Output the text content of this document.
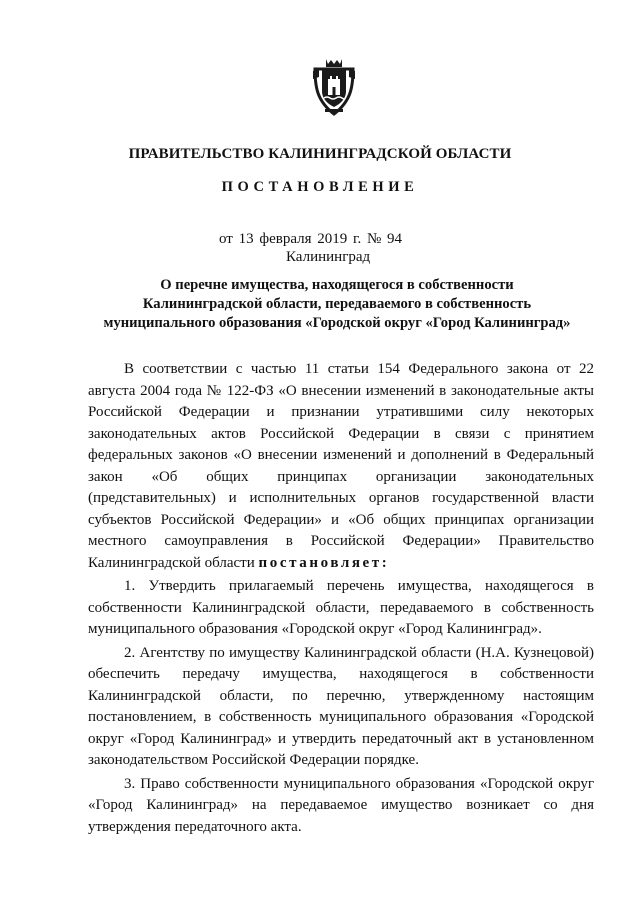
ПРАВИТЕЛЬСТВО КАЛИНИНГРАДСКОЙ ОБЛАСТИ
ПОСТАНОВЛЕНИЕ
от 13 февраля 2019 г. № 94
Калининград
О перечне имущества, находящегося в собственности
Калининградской области, передаваемого в собственность
муниципального образования «Городской округ «Город Калининград»

В соответствии с частью 11 статьи 154 Федерального закона от 22 августа 2004 года № 122-ФЗ «О внесении изменений в законодательные акты Российской Федерации и признании утратившими силу некоторых законодательных актов Российской Федерации в связи с принятием федеральных законов «О внесении изменений и дополнений в Федеральный закон «Об общих принципах организации законодательных (представительных) и исполнительных органов государственной власти субъектов Российской Федерации» и «Об общих принципах организации местного самоуправления в Российской Федерации» Правительство Калининградской области постановляет:

1. Утвердить прилагаемый перечень имущества, находящегося в собственности Калининградской области, передаваемого в собственность муниципального образования «Городской округ «Город Калининград».

2. Агентству по имуществу Калининградской области (Н.А. Кузнецовой) обеспечить передачу имущества, находящегося в собственности Калининградской области, по перечню, утвержденному настоящим постановлением, в собственность муниципального образования «Городской округ «Город Калининград» и утвердить передаточный акт в установленном законодательством Российской Федерации порядке.

3. Право собственности муниципального образования «Городской округ «Город Калининград» на передаваемое имущество возникает со дня утверждения передаточного акта.
